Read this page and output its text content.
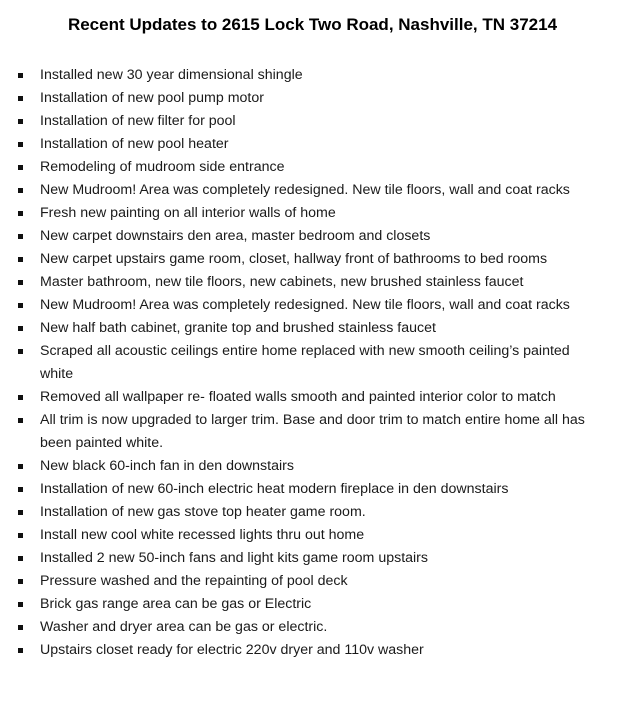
Recent Updates to 2615 Lock Two Road, Nashville, TN 37214
Installed new 30 year dimensional shingle
Installation of new pool pump motor
Installation of new filter for pool
Installation of new pool heater
Remodeling of mudroom side entrance
New Mudroom! Area was completely redesigned. New tile floors, wall and coat racks
Fresh new painting on all interior walls of home
New carpet downstairs den area, master bedroom and closets
New carpet upstairs game room, closet, hallway front of bathrooms to bed rooms
Master bathroom, new tile floors, new cabinets, new brushed stainless faucet
New Mudroom! Area was completely redesigned. New tile floors, wall and coat racks
New half bath cabinet, granite top and brushed stainless faucet
Scraped all acoustic ceilings entire home replaced with new smooth ceiling’s painted white
Removed all wallpaper re- floated walls smooth and painted interior color to match
All trim is now upgraded to larger trim. Base and door trim to match entire home all has been painted white.
New black 60-inch fan in den downstairs
Installation of new 60-inch electric heat modern fireplace in den downstairs
Installation of new gas stove top heater game room.
Install new cool white recessed lights thru out home
Installed 2 new 50-inch fans and light kits game room upstairs
Pressure washed and the repainting of pool deck
Brick gas range area can be gas or Electric
Washer and dryer area can be gas or electric.
Upstairs closet ready for electric 220v dryer and 110v washer
